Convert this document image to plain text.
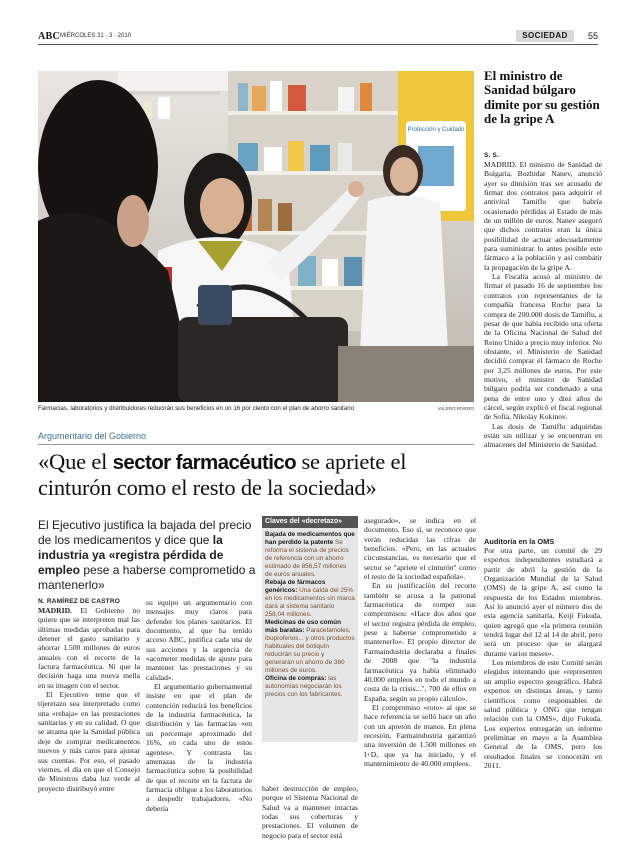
ABC MIÉRCOLES 31 · 3 · 2010	SOCIEDAD	55
Protección y Cuidado
Farmacias, laboratorios y distribuidores reducirán sus beneficios en un 16 por ciento con el plan de ahorro sanitario	VALERO RIVERO
Argumentario del Gobierno
«Que el sector farmacéutico se apriete el cinturón como el resto de la sociedad»

El Ejecutivo justifica la bajada del precio de los medicamentos y dice que la industria ya «registra pérdida de empleo pese a haberse comprometido a mantenerlo»

N. RAMÍREZ DE CASTRO

MADRID. El Gobierno no quiere que se interpreten mal las últimas medidas aprobadas para detener el gasto sanitario y ahorrar 1.500 millones de euros anuales con el recorte de la factura farmacéutica. Ni que la decisión haga una nueva mella en su imagen con el sector.

El Ejecutivo teme que el tijeretazo sea interpretado como una «rebaja» en las prestaciones sanitarias y en su calidad. O que se atrama que la Sanidad pública deje de comprar medicamentos nuevos y más caros para ajustar sus cuentas. Por eso, el pasado viernes, el día en que el Consejo de Ministros daba luz verde al proyecto distribuyó entre

su equipo un argumentario con mensajes muy claros para defender los planes sanitarios. El documento, al que ha tenido acceso ABC, justifica cada una de sus acciones y la urgencia de «acometer medidas de ajuste para mantener las prestaciones y su calidad».

El argumentario gubernamental insiste en que el plan de contención reducirá los beneficios de la industria farmacéutica, la distribución y las farmacias «en un porcentaje aproximado del 16%, en cada uno de estos agentes». Y contrasta las amenazas de la industria farmacéutica sobre la posibilidad de que el recorte en la factura de farmacia obligue a los laboratorios a despedir trabajadores. «No debería

Claves del «decretazo»
Bajada de medicamentos que han perdido la patente Se reforma el sistema de precios de referencia con un ahorro estimado de 856,57 millones de euros anuales.
Rebaja de fármacos genéricos: Una caída del 25% en los medicamentos sin marca dará al sistema sanitario 258,04 millones.
Medicinas de uso común más baratas: Paracetamoles, ibuprofenos... y otros productos habituales del botiquín reducirán su precio y generarán un ahorro de 360 millones de euros.
Oficina de compras: las autonomías negociarán los precios con los fabricantes.

haber destrucción de empleo, porque el Sistema Nacional de Salud va a mantener intactas todas sus coberturas y prestaciones. El volumen de negocio para el sector está

asegurado», se indica en el documento. Eso sí, se reconoce que verán reducidas las cifras de beneficios. «Pero, en las actuales circunstancias, es necesario que el sector se "apriete el cinturón" como el resto de la sociedad española».

En su justificación del recorte también se acusa a la patronal farmacéutica de romper sus compromisos: «Hace dos años que el sector registra pérdida de empleo, pese a haberse comprometido a mantenerlo». El propio director de Farmaindustria declaraba a finales de 2008 que "la industria farmacéutica ya había eliminado 40.000 empleos en todo el mundo a costa de la crisis...", 700 de ellos en España, según su propio cálculo».

El compromiso «roto» al que se hace referencia se selló hace un año con un apretón de manos. En plena recesión, Farmaindustria garantizó una inversión de 1.500 millones en I+D, que ya ha iniciado, y el mantenimiento de 40.000 empleos.

El ministro de Sanidad búlgaro dimite por su gestión de la gripe A
S. S.

MADRID. El ministro de Sanidad de Bulgaria, Bozhidar Nanev, anunció ayer su dimisión tras ser acusado de firmar dos contratos para adquirir el antiviral Tamiflu que habría ocasionado pérdidas al Estado de más de un millón de euros. Nanev aseguró que dichos contratos eran la única posibilidad de actuar adecuadamente para suministrar lo antes posible este fármaco a la población y así combatir la propagación de la gripe A.

La Fiscalía acusó al ministro de firmar el pasado 16 de septiembre los contratos con representantes de la compañía francesa Roche para la compra de 200.000 dosis de Tamiflu, a pesar de que había recibido una oferta de la Oficina Nacional de Salud del Reino Unido a precio muy inferior. No obstante, el Ministerio de Sanidad decidió comprar el fármaco de Roche por 3,25 millones de euros. Por este motivo, el ministro de Sanidad búlgaro podría ser condenado a una pena de entre uno y diez años de cárcel, según explicó el fiscal regional de Sofía, Nikolay Kokinov.

Las dosis de Tamiflu adquiridas están sin utilizar y se encuentran en almacenes del Ministerio de Sanidad.

Auditoría en la OMS

Por otra parte, un comité de 29 expertos independientes estudiará a partir de abril la gestión de la Organización Mundial de la Salud (OMS) de la gripe A, así como la respuesta de los Estados miembros. Así lo anunció ayer el número dos de esta agencia sanitaria, Keiji Fukuda, quien agregó que «la primera reunión tendrá lugar del 12 al 14 de abril, pero será un proceso que se alargará durante varios meses».

Los miembros de este Comité serán elegidos intentando que «representen un amplio espectro geográfico. Habrá expertos en distintas áreas, y tanto científicos como responsables de salud pública y ONG que tengan relación con la OMS», dijo Fukuda. Los expertos entregarán un informe preliminar en mayo a la Asamblea General de la OMS, pero los resultados finales se conocerán en 2011.
